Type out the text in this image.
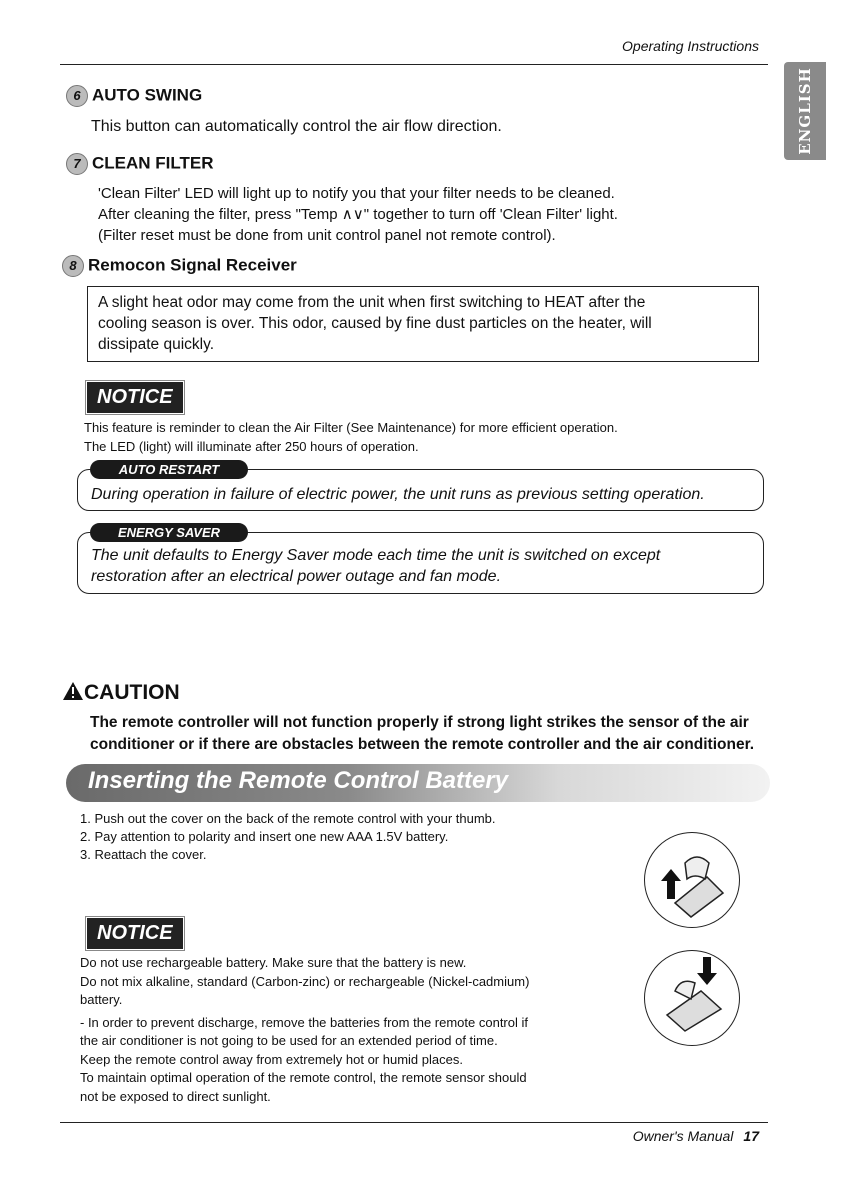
Operating Instructions
ENGLISH
6 AUTO SWING
This button can automatically control the air flow direction.
7 CLEAN FILTER
'Clean Filter' LED will light up to notify you that your filter needs to be cleaned.
After cleaning the filter, press "Temp ∧∨" together to turn off 'Clean Filter' light.
(Filter reset must be done from unit control panel not remote control).
8 Remocon Signal Receiver
A slight heat odor may come from the unit when first switching to HEAT after the
cooling season is over. This odor, caused by fine dust particles on the heater, will
dissipate quickly.
NOTICE
This feature is reminder to clean the Air Filter (See Maintenance) for more efficient operation.
The LED (light) will illuminate after 250 hours of operation.
AUTO RESTART
During operation in failure of electric power, the unit runs as previous setting operation.
ENERGY SAVER
The unit defaults to Energy Saver mode each time the unit is switched on except
restoration after an electrical power outage and fan mode.
CAUTION
The remote controller will not function properly if strong light strikes the sensor of the air
conditioner or if there are obstacles between the remote controller and the air conditioner.
Inserting the Remote Control Battery
1. Push out the cover on the back of the remote control with your thumb.
2. Pay attention to polarity and insert one new AAA 1.5V battery.
3. Reattach the cover.
NOTICE
Do not use rechargeable battery. Make sure that the battery is new.
Do not mix alkaline, standard (Carbon-zinc) or rechargeable (Nickel-cadmium)
battery.
- In order to prevent discharge, remove the batteries from the remote control if
the air conditioner is not going to be used for an extended period of time.
Keep the remote control away from extremely hot or humid places.
To maintain optimal operation of the remote control, the remote sensor should
not be exposed to direct sunlight.
Owner's Manual 17
